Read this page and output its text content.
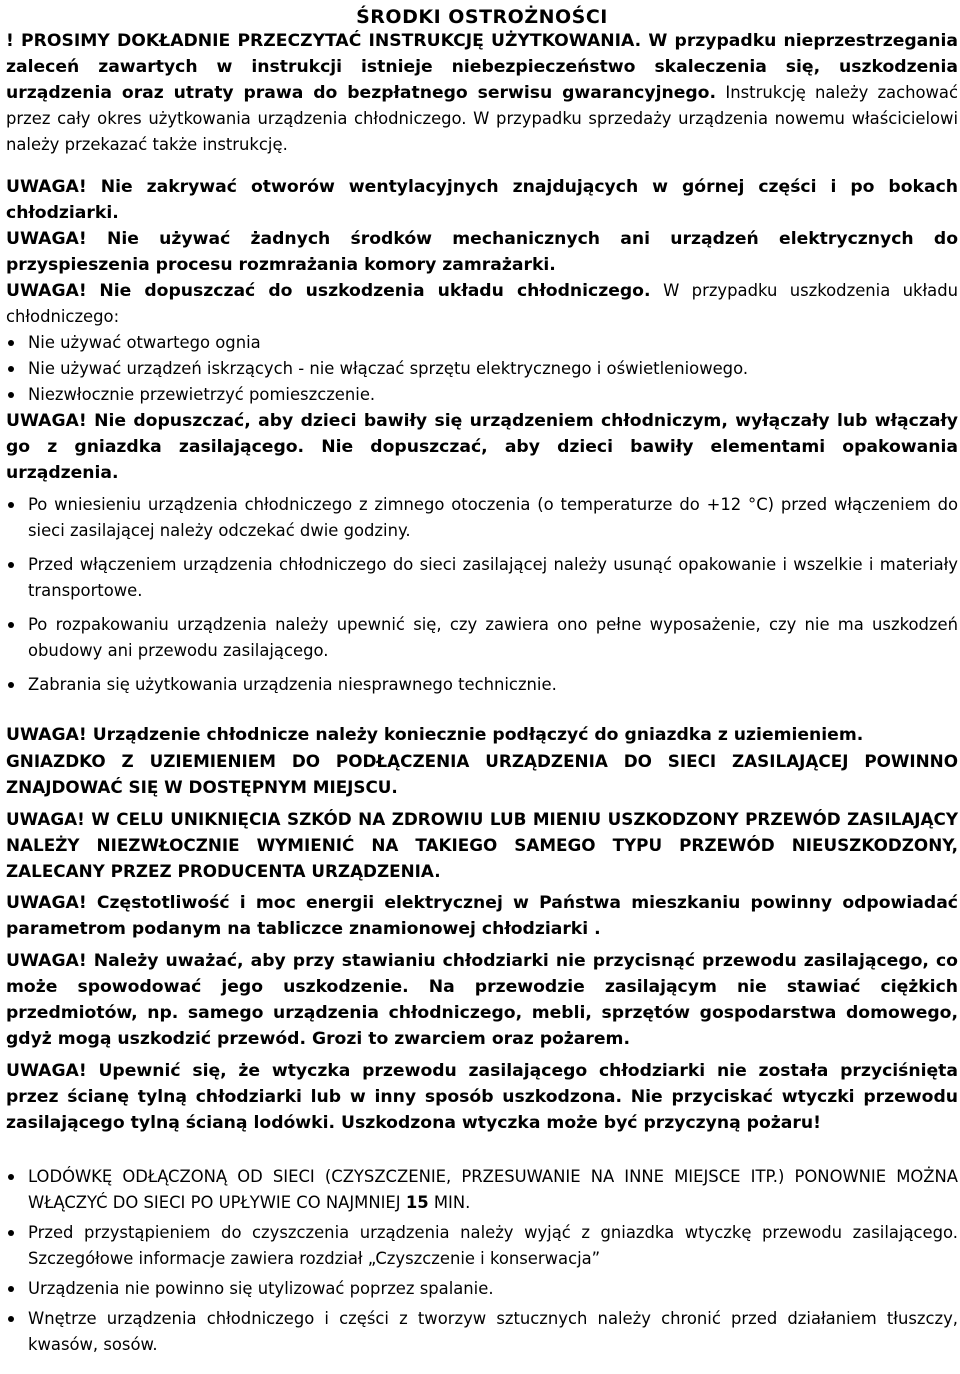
ŚRODKI OSTROŻNOŚCI

! PROSIMY DOKŁADNIE PRZECZYTAĆ INSTRUKCJĘ UŻYTKOWANIA. W przypadku nieprzestrzegania zaleceń zawartych w instrukcji istnieje niebezpieczeństwo skaleczenia się, uszkodzenia urządzenia oraz utraty prawa do bezpłatnego serwisu gwarancyjnego. Instrukcję należy zachować przez cały okres użytkowania urządzenia chłodniczego. W przypadku sprzedaży urządzenia nowemu właścicielowi należy przekazać także instrukcję.

UWAGA! Nie zakrywać otworów wentylacyjnych znajdujących w górnej części i po bokach chłodziarki.

UWAGA! Nie używać żadnych środków mechanicznych ani urządzeń elektrycznych do przyspieszenia procesu rozmrażania komory zamrażarki.

UWAGA! Nie dopuszczać do uszkodzenia układu chłodniczego. W przypadku uszkodzenia układu chłodniczego:

Nie używać otwartego ognia
Nie używać urządzeń iskrzących - nie włączać sprzętu elektrycznego i oświetleniowego.
Niezwłocznie przewietrzyć pomieszczenie.

UWAGA! Nie dopuszczać, aby dzieci bawiły się urządzeniem chłodniczym, wyłączały lub włączały go z gniazdka zasilającego. Nie dopuszczać, aby dzieci bawiły elementami opakowania urządzenia.

Po wniesieniu urządzenia chłodniczego z zimnego otoczenia (o temperaturze do +12 °C) przed włączeniem do sieci zasilającej należy odczekać dwie godziny.
Przed włączeniem urządzenia chłodniczego do sieci zasilającej należy usunąć opakowanie i wszelkie i materiały transportowe.
Po rozpakowaniu urządzenia należy upewnić się, czy zawiera ono pełne wyposażenie, czy nie ma uszkodzeń obudowy ani przewodu zasilającego.
Zabrania się użytkowania urządzenia niesprawnego technicznie.

UWAGA! Urządzenie chłodnicze należy koniecznie podłączyć do gniazdka z uziemieniem.

GNIAZDKO Z UZIEMIENIEM DO PODŁĄCZENIA URZĄDZENIA DO SIECI ZASILAJĄCEJ POWINNO ZNAJDOWAĆ SIĘ W DOSTĘPNYM MIEJSCU.

UWAGA! W CELU UNIKNIĘCIA SZKÓD NA ZDROWIU LUB MIENIU USZKODZONY PRZEWÓD ZASILAJĄCY NALEŻY NIEZWŁOCZNIE WYMIENIĆ NA TAKIEGO SAMEGO TYPU PRZEWÓD NIEUSZKODZONY, ZALECANY PRZEZ PRODUCENTA URZĄDZENIA.

UWAGA! Częstotliwość i moc energii elektrycznej w Państwa mieszkaniu powinny odpowiadać parametrom podanym na tabliczce znamionowej chłodziarki .

UWAGA! Należy uważać, aby przy stawianiu chłodziarki nie przycisnąć przewodu zasilającego, co może spowodować jego uszkodzenie. Na przewodzie zasilającym nie stawiać ciężkich przedmiotów, np. samego urządzenia chłodniczego, mebli, sprzętów gospodarstwa domowego, gdyż mogą uszkodzić przewód. Grozi to zwarciem oraz pożarem.

UWAGA! Upewnić się, że wtyczka przewodu zasilającego chłodziarki nie została przyciśnięta przez ścianę tylną chłodziarki lub w inny sposób uszkodzona. Nie przyciskać wtyczki przewodu zasilającego tylną ścianą lodówki. Uszkodzona wtyczka może być przyczyną pożaru!

LODÓWKĘ ODŁĄCZONĄ OD SIECI (CZYSZCZENIE, PRZESUWANIE NA INNE MIEJSCE ITP.) PONOWNIE MOŻNA WŁĄCZYĆ DO SIECI PO UPŁYWIE CO NAJMNIEJ 15 MIN.
Przed przystąpieniem do czyszczenia urządzenia należy wyjąć z gniazdka wtyczkę przewodu zasilającego. Szczegółowe informacje zawiera rozdział „Czyszczenie i konserwacja”
Urządzenia nie powinno się utylizować poprzez spalanie.
Wnętrze urządzenia chłodniczego i części z tworzyw sztucznych należy chronić przed działaniem tłuszczy, kwasów, sosów.
